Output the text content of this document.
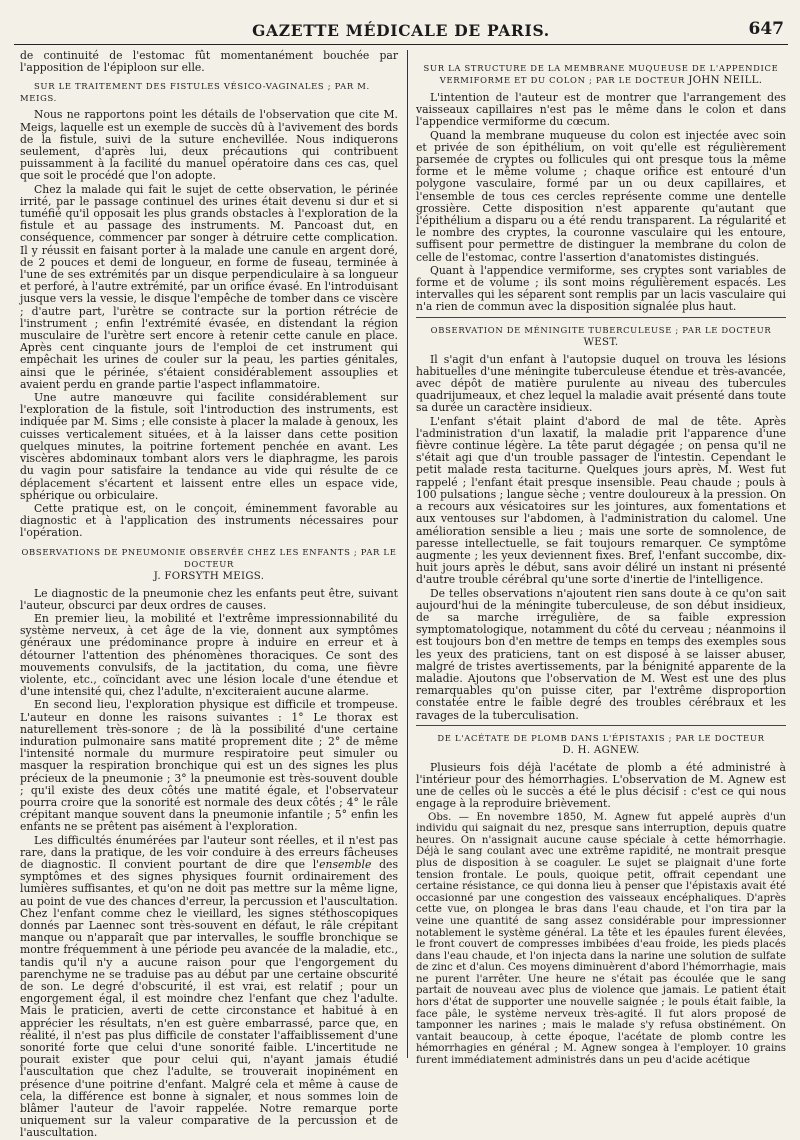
GAZETTE MÉDICALE DE PARIS.	647

de continuité de l'estomac fût momentanément bouchée par l'apposition de l'épiploon sur elle.

SUR LE TRAITEMENT DES FISTULES VÉSICO-VAGINALES ; PAR M. MEIGS.

Nous ne rapportons point les détails de l'observation que cite M. Meigs, laquelle est un exemple de succès dû à l'avivement des bords de la fistule, suivi de la suture enchevillée. Nous indiquerons seulement, d'après lui, deux précautions qui contribuent puissamment à la facilité du manuel opératoire dans ces cas, quel que soit le procédé que l'on adopte.

Chez la malade qui fait le sujet de cette observation, le périnée irrité, par le passage continuel des urines était devenu si dur et si tuméfié qu'il opposait les plus grands obstacles à l'exploration de la fistule et au passage des instruments. M. Pancoast dut, en conséquence, commencer par songer à détruire cette complication. Il y réussit en faisant porter à la malade une canule en argent doré, de 2 pouces et demi de longueur, en forme de fuseau, terminée à l'une de ses extrémités par un disque perpendiculaire à sa longueur et perforé, à l'autre extrémité, par un orifice évasé. En l'introduisant jusque vers la vessie, le disque l'empêche de tomber dans ce viscère ; d'autre part, l'urètre se contracte sur la portion rétrécie de l'instrument ; enfin l'extrémité évasée, en distendant la région musculaire de l'urètre sert encore à retenir cette canule en place. Après cent cinquante jours de l'emploi de cet instrument qui empêchait les urines de couler sur la peau, les parties génitales, ainsi que le périnée, s'étaient considérablement assouplies et avaient perdu en grande partie l'aspect inflammatoire.

Une autre manœuvre qui facilite considérablement sur l'exploration de la fistule, soit l'introduction des instruments, est indiquée par M. Sims ; elle consiste à placer la malade à genoux, les cuisses verticalement situées, et à la laisser dans cette position quelques minutes, la poitrine fortement penchée en avant. Les viscères abdominaux tombant alors vers le diaphragme, les parois du vagin pour satisfaire la tendance au vide qui résulte de ce déplacement s'écartent et laissent entre elles un espace vide, sphérique ou orbiculaire.

Cette pratique est, on le conçoit, éminemment favorable au diagnostic et à l'application des instruments nécessaires pour l'opération.

OBSERVATIONS DE PNEUMONIE OBSERVÉE CHEZ LES ENFANTS ; PAR LE DOCTEUR
J. FORSYTH MEIGS.

Le diagnostic de la pneumonie chez les enfants peut être, suivant l'auteur, obscurci par deux ordres de causes.

En premier lieu, la mobilité et l'extrême impressionnabilité du système nerveux, à cet âge de la vie, donnent aux symptômes généraux une prédominance propre à induire en erreur et à détourner l'attention des phénomènes thoraciques. Ce sont des mouvements convulsifs, de la jactitation, du coma, une fièvre violente, etc., coïncidant avec une lésion locale d'une étendue et d'une intensité qui, chez l'adulte, n'exciteraient aucune alarme.

En second lieu, l'exploration physique est difficile et trompeuse. L'auteur en donne les raisons suivantes : 1° Le thorax est naturellement très-sonore ; de là la possibilité d'une certaine induration pulmonaire sans matité proprement dite ; 2° de même l'intensité normale du murmure respiratoire peut simuler ou masquer la respiration bronchique qui est un des signes les plus précieux de la pneumonie ; 3° la pneumonie est très-souvent double ; qu'il existe des deux côtés une matité égale, et l'observateur pourra croire que la sonorité est normale des deux côtés ; 4° le râle crépitant manque souvent dans la pneumonie infantile ; 5° enfin les enfants ne se prêtent pas aisément à l'exploration.

Les difficultés énumérées par l'auteur sont réelles, et il n'est pas rare, dans la pratique, de les voir conduire à des erreurs fâcheuses de diagnostic. Il convient pourtant de dire que l'ensemble des symptômes et des signes physiques fournit ordinairement des lumières suffisantes, et qu'on ne doit pas mettre sur la même ligne, au point de vue des chances d'erreur, la percussion et l'auscultation. Chez l'enfant comme chez le vieillard, les signes stéthoscopiques donnés par Laennec sont très-souvent en défaut, le râle crépitant manque ou n'apparaît que par intervalles, le souffle bronchique se montre fréquemment à une période peu avancée de la maladie, etc., tandis qu'il n'y a aucune raison pour que l'engorgement du parenchyme ne se traduise pas au début par une certaine obscurité de son. Le degré d'obscurité, il est vrai, est relatif ; pour un engorgement égal, il est moindre chez l'enfant que chez l'adulte. Mais le praticien, averti de cette circonstance et habitué à en apprécier les résultats, n'en est guère embarrassé, parce que, en réalité, il n'est pas plus difficile de constater l'affaiblissement d'une sonorité forte que celui d'une sonorité faible. L'incertitude ne pourait exister que pour celui qui, n'ayant jamais étudié l'auscultation que chez l'adulte, se trouverait inopinément en présence d'une poitrine d'enfant. Malgré cela et même à cause de cela, la différence est bonne à signaler, et nous sommes loin de blâmer l'auteur de l'avoir rappelée. Notre remarque porte uniquement sur la valeur comparative de la percussion et de l'auscultation.

SUR LA STRUCTURE DE LA MEMBRANE MUQUEUSE DE L'APPENDICE VERMIFORME ET DU COLON ; PAR LE DOCTEUR JOHN NEILL.

L'intention de l'auteur est de montrer que l'arrangement des vaisseaux capillaires n'est pas le même dans le colon et dans l'appendice vermiforme du cœcum.

Quand la membrane muqueuse du colon est injectée avec soin et privée de son épithélium, on voit qu'elle est régulièrement parsemée de cryptes ou follicules qui ont presque tous la même forme et le même volume ; chaque orifice est entouré d'un polygone vasculaire, formé par un ou deux capillaires, et l'ensemble de tous ces cercles représente comme une dentelle grossière. Cette disposition n'est apparente qu'autant que l'épithélium a disparu ou a été rendu transparent. La régularité et le nombre des cryptes, la couronne vasculaire qui les entoure, suffisent pour permettre de distinguer la membrane du colon de celle de l'estomac, contre l'assertion d'anatomistes distingués.

Quant à l'appendice vermiforme, ses cryptes sont variables de forme et de volume ; ils sont moins régulièrement espacés. Les intervalles qui les séparent sont remplis par un lacis vasculaire qui n'a rien de commun avec la disposition signalée plus haut.

OBSERVATION DE MÉNINGITE TUBERCULEUSE ; PAR LE DOCTEUR WEST.

Il s'agit d'un enfant à l'autopsie duquel on trouva les lésions habituelles d'une méningite tuberculeuse étendue et très-avancée, avec dépôt de matière purulente au niveau des tubercules quadrijumeaux, et chez lequel la maladie avait présenté dans toute sa durée un caractère insidieux.

L'enfant s'était plaint d'abord de mal de tête. Après l'administration d'un laxatif, la maladie prit l'apparence d'une fièvre continue légère. La tête parut dégagée ; on pensa qu'il ne s'était agi que d'un trouble passager de l'intestin. Cependant le petit malade resta taciturne. Quelques jours après, M. West fut rappelé ; l'enfant était presque insensible. Peau chaude ; pouls à 100 pulsations ; langue sèche ; ventre douloureux à la pression. On a recours aux vésicatoires sur les jointures, aux fomentations et aux ventouses sur l'abdomen, à l'administration du calomel. Une amélioration sensible a lieu ; mais une sorte de somnolence, de paresse intellectuelle, se fait toujours remarquer. Ce symptôme augmente ; les yeux deviennent fixes. Bref, l'enfant succombe, dix-huit jours après le début, sans avoir déliré un instant ni présenté d'autre trouble cérébral qu'une sorte d'inertie de l'intelligence.

De telles observations n'ajoutent rien sans doute à ce qu'on sait aujourd'hui de la méningite tuberculeuse, de son début insidieux, de sa marche irrégulière, de sa faible expression symptomatologique, notamment du côté du cerveau ; néanmoins il est toujours bon d'en mettre de temps en temps des exemples sous les yeux des praticiens, tant on est disposé à se laisser abuser, malgré de tristes avertissements, par la bénignité apparente de la maladie. Ajoutons que l'observation de M. West est une des plus remarquables qu'on puisse citer, par l'extrême disproportion constatée entre le faible degré des troubles cérébraux et les ravages de la tuberculisation.

DE L'ACÉTATE DE PLOMB DANS L'ÉPISTAXIS ; PAR LE DOCTEUR
D. H. AGNEW.

Plusieurs fois déjà l'acétate de plomb a été administré à l'intérieur pour des hémorrhagies. L'observation de M. Agnew est une de celles où le succès a été le plus décisif : c'est ce qui nous engage à la reproduire brièvement.

Obs. — En novembre 1850, M. Agnew fut appelé auprès d'un individu qui saignait du nez, presque sans interruption, depuis quatre heures. On n'assignait aucune cause spéciale à cette hémorrhagie. Déjà le sang coulant avec une extrême rapidité, ne montrait presque plus de disposition à se coaguler. Le sujet se plaignait d'une forte tension frontale. Le pouls, quoique petit, offrait cependant une certaine résistance, ce qui donna lieu à penser que l'épistaxis avait été occasionné par une congestion des vaisseaux encéphaliques. D'après cette vue, on plongea le bras dans l'eau chaude, et l'on tira par la veine une quantité de sang assez considérable pour impressionner notablement le système général. La tête et les épaules furent élevées, le front couvert de compresses imbibées d'eau froide, les pieds placés dans l'eau chaude, et l'on injecta dans la narine une solution de sulfate de zinc et d'alun. Ces moyens diminuèrent d'abord l'hémorrhagie, mais ne purent l'arrêter. Une heure ne s'était pas écoulée que le sang partait de nouveau avec plus de violence que jamais. Le patient était hors d'état de supporter une nouvelle saignée ; le pouls était faible, la face pâle, le système nerveux très-agité. Il fut alors proposé de tamponner les narines ; mais le malade s'y refusa obstinément. On vantait beaucoup, à cette époque, l'acétate de plomb contre les hémorrhagies en général ; M. Agnew songea à l'employer. 10 grains furent immédiatement administrés dans un peu d'acide acétique
